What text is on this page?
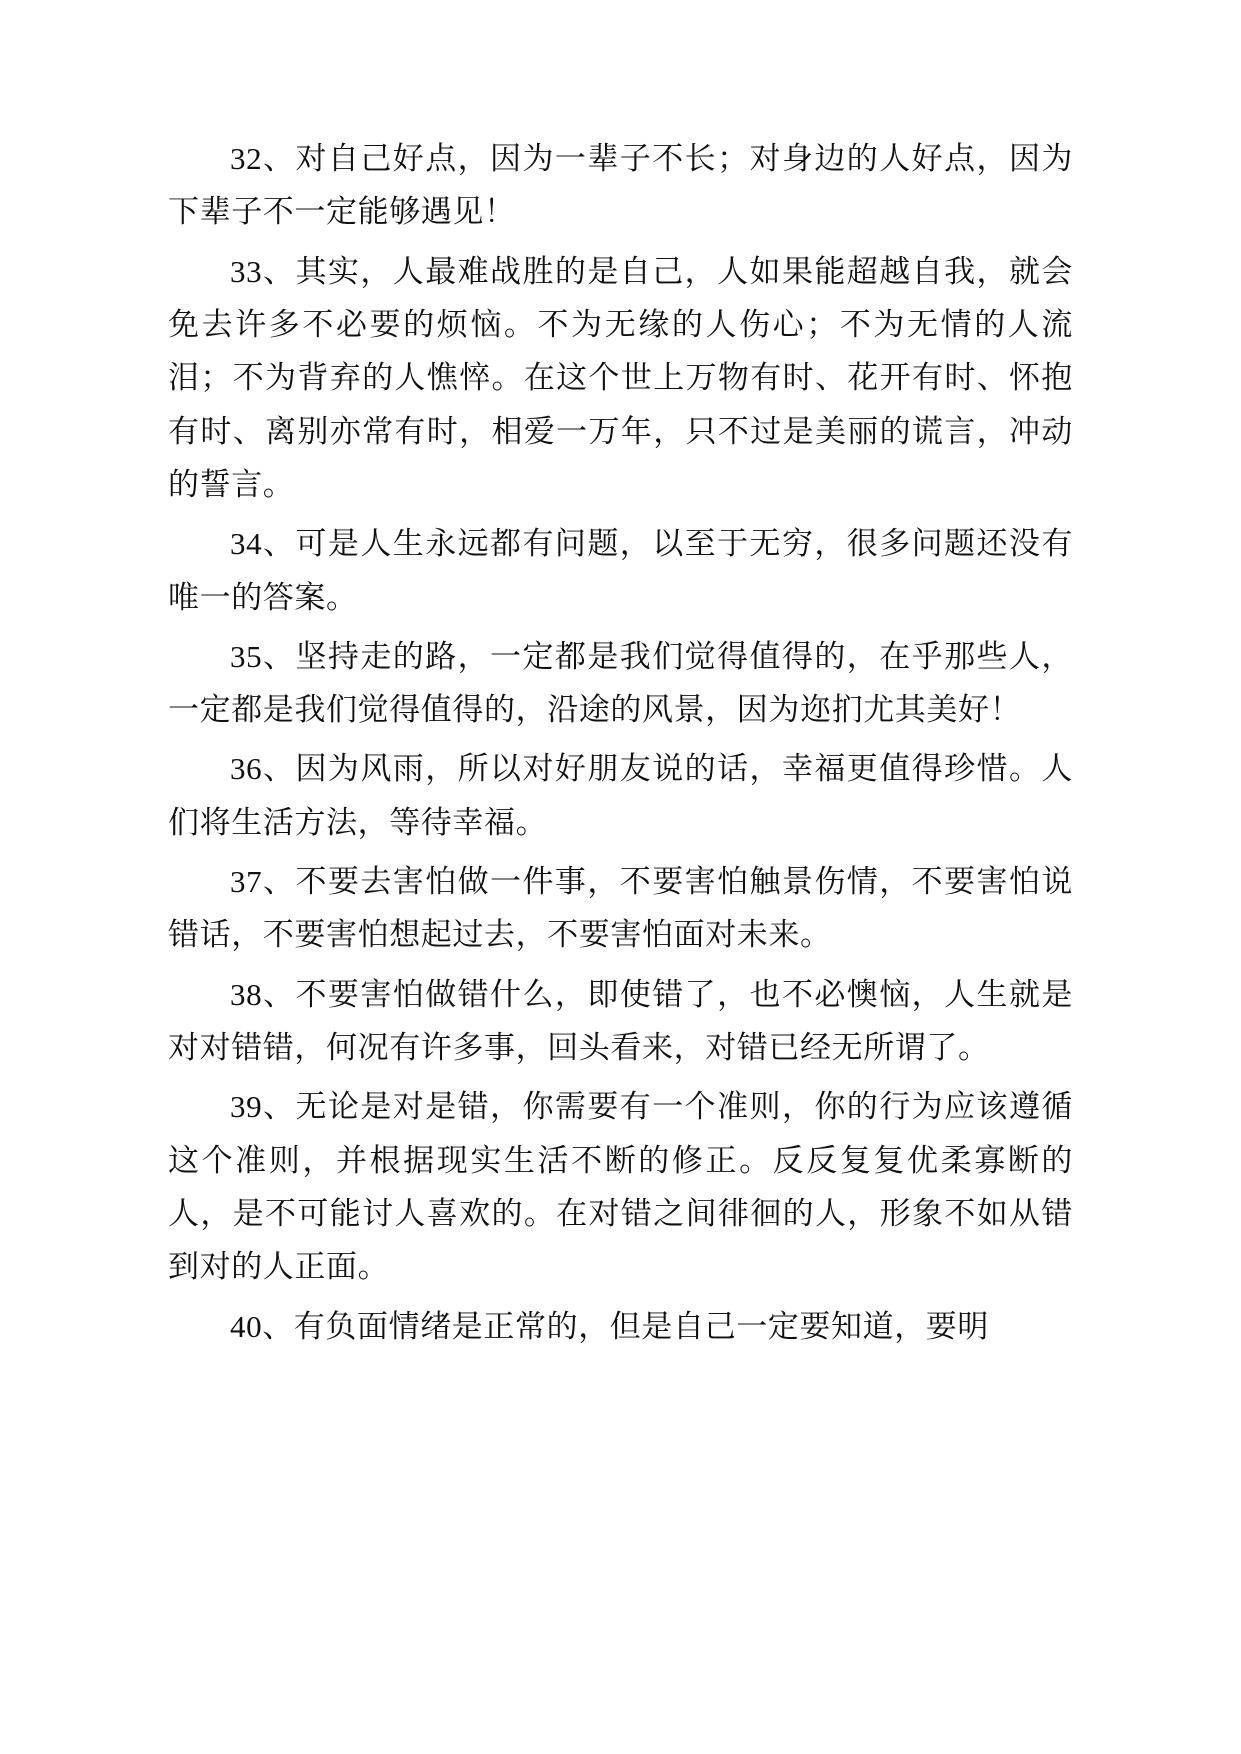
32、对自己好点，因为一辈子不长；对身边的人好点，因为下辈子不一定能够遇见！

33、其实，人最难战胜的是自己，人如果能超越自我，就会免去许多不必要的烦恼。不为无缘的人伤心；不为无情的人流泪；不为背弃的人憔悴。在这个世上万物有时、花开有时、怀抱有时、离别亦常有时，相爱一万年，只不过是美丽的谎言，冲动的誓言。

34、可是人生永远都有问题，以至于无穷，很多问题还没有唯一的答案。

35、坚持走的路，一定都是我们觉得值得的，在乎那些人，一定都是我们觉得值得的，沿途的风景，因为迩扪尤其美好！

36、因为风雨，所以对好朋友说的话，幸福更值得珍惜。人们将生活方法，等待幸福。

37、不要去害怕做一件事，不要害怕触景伤情，不要害怕说错话，不要害怕想起过去，不要害怕面对未来。

38、不要害怕做错什么，即使错了，也不必懊恼，人生就是对对错错，何况有许多事，回头看来，对错已经无所谓了。

39、无论是对是错，你需要有一个准则，你的行为应该遵循这个准则，并根据现实生活不断的修正。反反复复优柔寡断的人，是不可能讨人喜欢的。在对错之间徘徊的人，形象不如从错到对的人正面。

40、有负面情绪是正常的，但是自己一定要知道，要明
